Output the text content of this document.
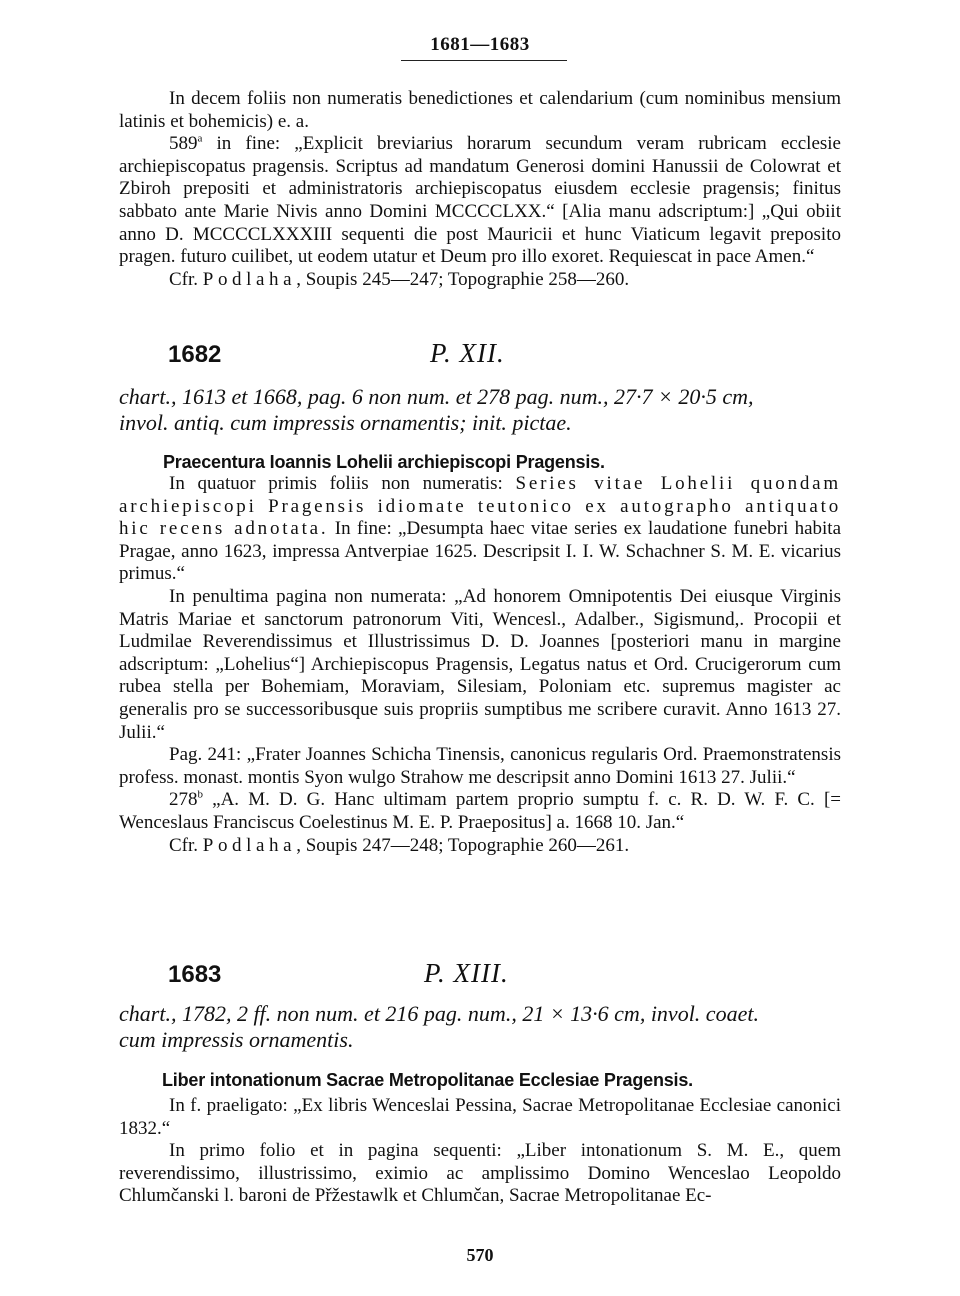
1681—1683

In decem foliis non numeratis benedictiones et calendarium (cum nominibus mensium latinis et bohemicis) e. a.

589$^a$ in fine: „Explicit breviarius horarum secundum veram rubricam ecclesie archiepiscopatus pragensis. Scriptus ad mandatum Generosi domini Hanussii de Colowrat et Zbiroh prepositi et administratoris archiepiscopatus eiusdem ecclesie pragensis; finitus sabbato ante Marie Nivis anno Domini MCCCCLXX.“ [Alia manu adscriptum:] „Qui obiit anno D. MCCCCLXXXIII sequenti die post Mauricii et hunc Viaticum legavit preposito pragen. futuro cuilibet, ut eodem utatur et Deum pro illo exoret. Requiescat in pace Amen.“

Cfr. Podlaha, Soupis 245—247; Topographie 258—260.

1682	P. XII.
chart., 1613 et 1668, pag. 6 non num. et 278 pag. num., 27·7 × 20·5 cm,
invol. antiq. cum impressis ornamentis; init. pictae.
Praecentura Ioannis Lohelii archiepiscopi Pragensis.

In quatuor primis foliis non numeratis: Series vitae Lohelii quondam archiepiscopi Pragensis idiomate teutonico ex autographo antiquato hic recens adnotata. In fine: „Desumpta haec vitae series ex laudatione funebri habita Pragae, anno 1623, impressa Antverpiae 1625. Descripsit I. I. W. Schachner S. M. E. vicarius primus.“

In penultima pagina non numerata: „Ad honorem Omnipotentis Dei eiusque Virginis Matris Mariae et sanctorum patronorum Viti, Wencesl., Adalber., Sigismund,. Procopii et Ludmilae Reverendissimus et Illustrissimus D. D. Joannes [posteriori manu in margine adscriptum: „Lohelius“] Archiepiscopus Pragensis, Legatus natus et Ord. Crucigerorum cum rubea stella per Bohemiam, Moraviam, Silesiam, Poloniam etc. supremus magister ac generalis pro se successoribusque suis propriis sumptibus me scribere curavit. Anno 1613 27. Julii.“

Pag. 241: „Frater Joannes Schicha Tinensis, canonicus regularis Ord. Praemonstratensis profess. monast. montis Syon wulgo Strahow me descripsit anno Domini 1613 27. Julii.“

278$^b$ „A. M. D. G. Hanc ultimam partem proprio sumptu f. c. R. D. W. F. C. [= Wenceslaus Franciscus Coelestinus M. E. P. Praepositus] a. 1668 10. Jan.“

Cfr. Podlaha, Soupis 247—248; Topographie 260—261.

1683	P. XIII.
chart., 1782, 2 ff. non num. et 216 pag. num., 21 × 13·6 cm, invol. coaet.
cum impressis ornamentis.
Liber intonationum Sacrae Metropolitanae Ecclesiae Pragensis.

In f. praeligato: „Ex libris Wenceslai Pessina, Sacrae Metropolitanae Ecclesiae canonici 1832.“

In primo folio et in pagina sequenti: „Liber intonationum S. M. E., quem reverendissimo, illustrissimo, eximio ac amplissimo Domino Wenceslao Leopoldo Chlumčanski l. baroni de Přžestawlk et Chlumčan, Sacrae Metropolitanae Ec-

570
